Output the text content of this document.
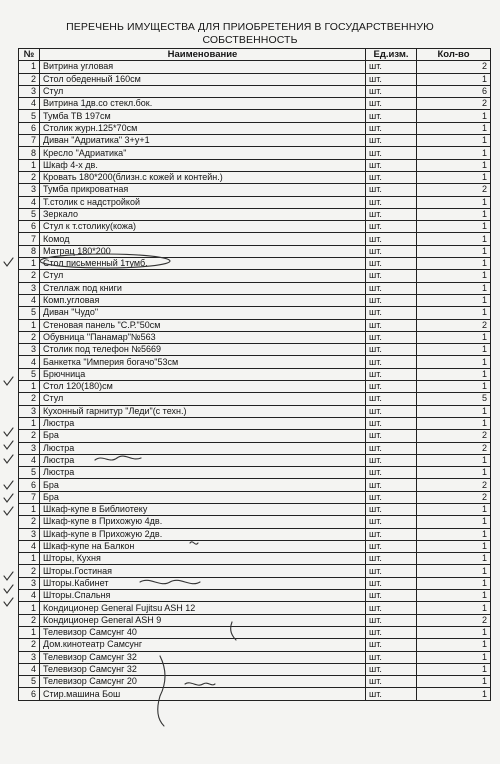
ПЕРЕЧЕНЬ ИМУЩЕСТВА ДЛЯ ПРИОБРЕТЕНИЯ В ГОСУДАРСТВЕННУЮ
СОБСТВЕННОСТЬ
№	Наименование	Ед.изм.	Кол-во
1	Витрина угловая	шт.	2
2	Стол обеденный 160см	шт.	1
3	Стул	шт.	6
4	Витрина 1дв.со стекл.бок.	шт.	2
5	Тумба ТВ 197см	шт.	1
6	Столик журн.125*70см	шт.	1
7	Диван "Адриатика" 3+у+1	шт.	1
8	Кресло "Адриатика"	шт.	1
1	Шкаф 4-х дв.	шт.	1
2	Кровать 180*200(близн.с кожей и контейн.)	шт.	1
3	Тумба прикроватная	шт.	2
4	Т.столик с надстройкой	шт.	1
5	Зеркало	шт.	1
6	Стул к т.столику(кожа)	шт.	1
7	Комод	шт.	1
8	Матрац 180*200	шт.	1
1	Стол письменный 1тумб.	шт.	1
2	Стул	шт.	1
3	Стеллаж под книги	шт.	1
4	Комп.угловая	шт.	1
5	Диван "Чудо"	шт.	1
1	Стеновая панель "С.Р."50см	шт.	2
2	Обувница "Панамар"№563	шт.	1
3	Столик под телефон №5669	шт.	1
4	Банкетка "Империя богачо"53см	шт.	1
5	Брючница	шт.	1
1	Стол 120(180)см	шт.	1
2	Стул	шт.	5
3	Кухонный гарнитур "Леди"(с техн.)	шт.	1
1	Люстра	шт.	1
2	Бра	шт.	2
3	Люстра	шт.	2
4	Люстра	шт.	1
5	Люстра	шт.	1
6	Бра	шт.	2
7	Бра	шт.	2
1	Шкаф-купе в Библиотеку	шт.	1
2	Шкаф-купе в Прихожую 4дв.	шт.	1
3	Шкаф-купе в Прихожую 2дв.	шт.	1
4	Шкаф-купе на Балкон	шт.	1
1	Шторы, Кухня	шт.	1
2	Шторы.Гостиная	шт.	1
3	Шторы.Кабинет	шт.	1
4	Шторы.Спальня	шт.	1
1	Кондиционер General Fujitsu ASH 12	шт.	1
2	Кондиционер General ASH 9	шт.	2
1	Телевизор Самсунг 40	шт.	1
2	Дом.кинотеатр Самсунг	шт.	1
3	Телевизор Самсунг 32	шт.	1
4	Телевизор Самсунг 32	шт.	1
5	Телевизор Самсунг 20	шт.	1
6	Стир.машина Бош	шт.	1
